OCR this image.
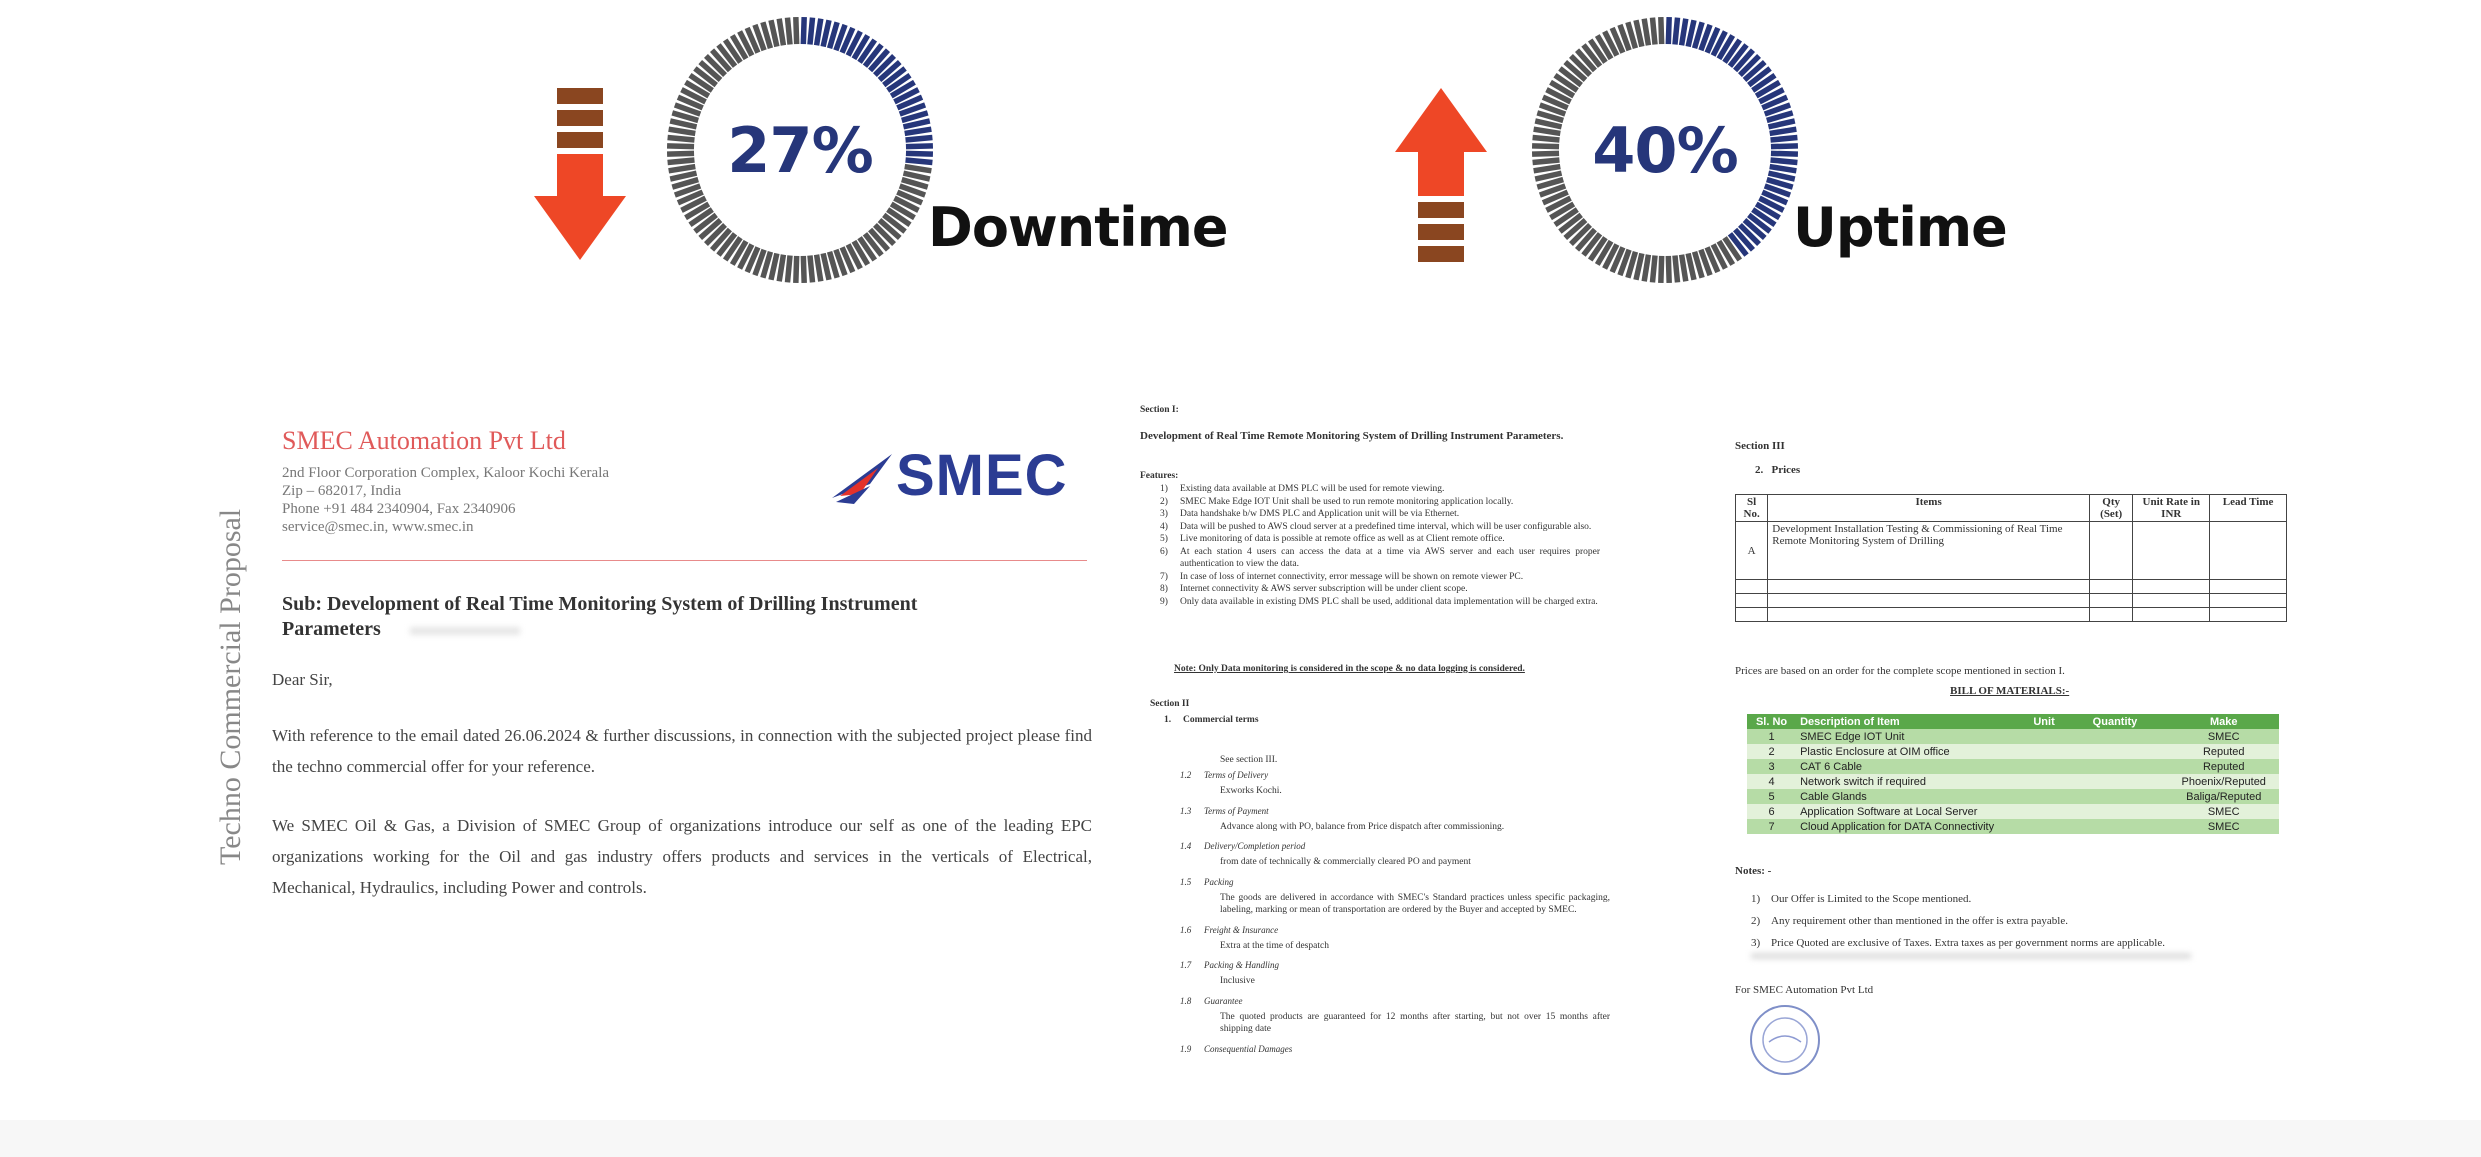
27%
Downtime
40%
Uptime
Techno Commercial Proposal
SMEC Automation Pvt Ltd
2nd Floor Corporation Complex, Kaloor Kochi Kerala
Zip – 682017, India
Phone +91 484 2340904, Fax 2340906
service@smec.in, www.smec.in
SMEC
Sub: Development of Real Time Monitoring System of Drilling Instrument
Parameters
Dear Sir,
With reference to the email dated 26.06.2024 & further discussions, in connection with the subjected project please find the techno commercial offer for your reference.
We SMEC Oil & Gas, a Division of SMEC Group of organizations introduce our self as one of the leading EPC organizations working for the Oil and gas industry offers products and services in the verticals of Electrical, Mechanical, Hydraulics, including Power and controls.
Section I:
Development of Real Time Remote Monitoring System of Drilling Instrument Parameters.
Features:
1)	Existing data available at DMS PLC will be used for remote viewing.
2)	SMEC Make Edge IOT Unit shall be used to run remote monitoring application locally.
3)	Data handshake b/w DMS PLC and Application unit will be via Ethernet.
4)	Data will be pushed to AWS cloud server at a predefined time interval, which will be user configurable also.
5)	Live monitoring of data is possible at remote office as well as at Client remote office.
6)	At each station 4 users can access the data at a time via AWS server and each user requires proper authentication to view the data.
7)	In case of loss of internet connectivity, error message will be shown on remote viewer PC.
8)	Internet connectivity & AWS server subscription will be under client scope.
9)	Only data available in existing DMS PLC shall be used, additional data implementation will be charged extra.
Note: Only Data monitoring is considered in the scope & no data logging is considered.
Section II
1.     Commercial terms
See section III.
1.2	Terms of Delivery
Exworks Kochi.
1.3	Terms of Payment
Advance along with PO, balance from Price dispatch after commissioning.
1.4	Delivery/Completion period
from date of technically & commercially cleared PO and payment
1.5	Packing
The goods are delivered in accordance with SMEC's Standard practices unless specific packaging, labeling, marking or mean of transportation are ordered by the Buyer and accepted by SMEC.
1.6	Freight & Insurance
Extra at the time of despatch
1.7	Packing & Handling
Inclusive
1.8	Guarantee
The quoted products are guaranteed for 12 months after starting, but not over 15 months after shipping date
1.9	Consequential Damages
Section III
2.   Prices
Sl No.	Items	Qty (Set)	Unit Rate in INR	Lead Time
A	Development Installation Testing & Commissioning of Real Time Remote Monitoring System of Drilling			

Prices are based on an order for the complete scope mentioned in section I.
BILL OF MATERIALS:-
Sl. No	Description of Item	Unit	Quantity	Make
1	SMEC Edge IOT Unit			SMEC
2	Plastic Enclosure at OIM office			Reputed
3	CAT 6 Cable			Reputed
4	Network switch if required			Phoenix/Reputed
5	Cable Glands			Baliga/Reputed
6	Application Software at Local Server			SMEC
7	Cloud Application for DATA Connectivity			SMEC
Notes: -
1) Our Offer is Limited to the Scope mentioned.
2) Any requirement other than mentioned in the offer is extra payable.
3) Price Quoted are exclusive of Taxes. Extra taxes as per government norms are applicable.
For SMEC Automation Pvt Ltd
